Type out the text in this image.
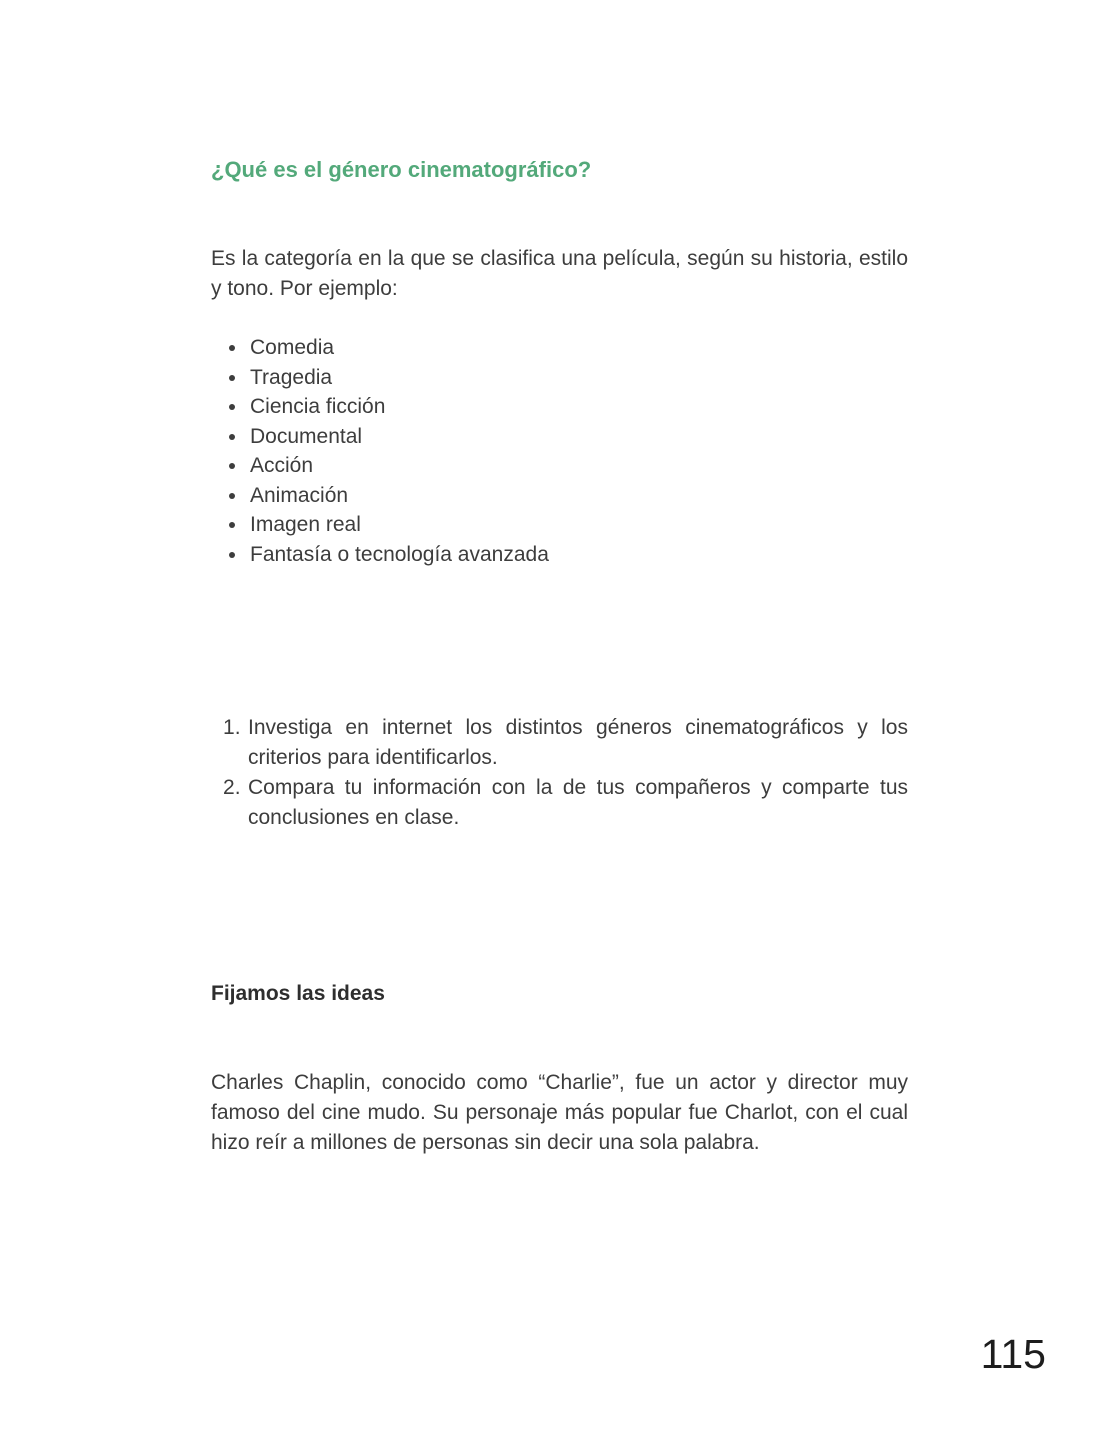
¿Qué es el género cinematográfico?

Es la categoría en la que se clasifica una película, según su historia, estilo y tono. Por ejemplo:

• Comedia
• Tragedia
• Ciencia ficción
• Documental
• Acción
• Animación
• Imagen real
• Fantasía o tecnología avanzada
Investiga en internet los distintos géneros cinematográficos y los criterios para identificarlos.
Compara tu información con la de tus compañeros y comparte tus conclusiones en clase.
Fijamos las ideas

Charles Chaplin, conocido como “Charlie”, fue un actor y director muy famoso del cine mudo. Su personaje más popular fue Charlot, con el cual hizo reír a millones de personas sin decir una sola palabra.

115
